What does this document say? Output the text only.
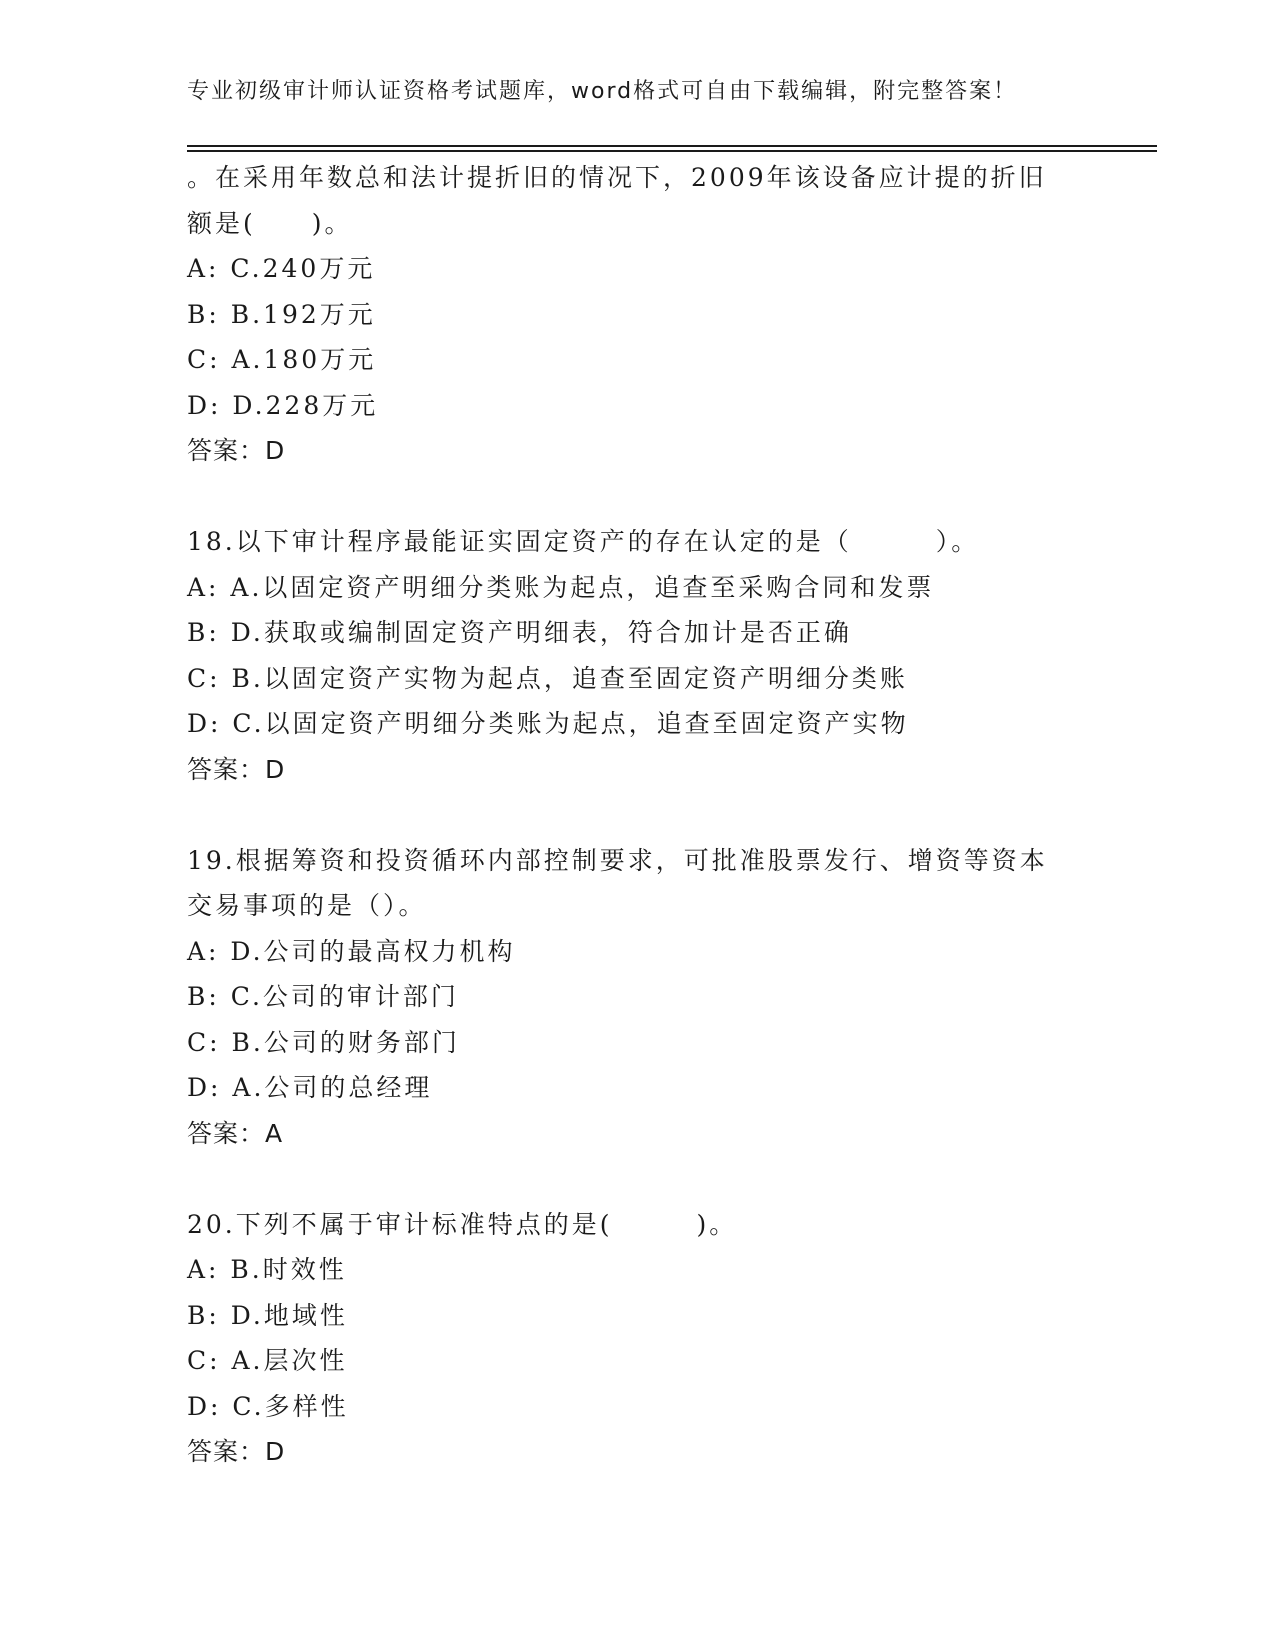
专业初级审计师认证资格考试题库，word格式可自由下载编辑，附完整答案！
。在采用年数总和法计提折旧的情况下，2009年该设备应计提的折旧
额是(　　)。
A: C.240万元
B: B.192万元
C: A.180万元
D: D.228万元
答案：D
18.以下审计程序最能证实固定资产的存在认定的是（　　　）。
A: A.以固定资产明细分类账为起点，追查至采购合同和发票
B: D.获取或编制固定资产明细表，符合加计是否正确
C: B.以固定资产实物为起点，追查至固定资产明细分类账
D: C.以固定资产明细分类账为起点，追查至固定资产实物
答案：D
19.根据筹资和投资循环内部控制要求，可批准股票发行、增资等资本
交易事项的是（）。
A: D.公司的最高权力机构
B: C.公司的审计部门
C: B.公司的财务部门
D: A.公司的总经理
答案：A
20.下列不属于审计标准特点的是(　　　)。
A: B.时效性
B: D.地域性
C: A.层次性
D: C.多样性
答案：D
